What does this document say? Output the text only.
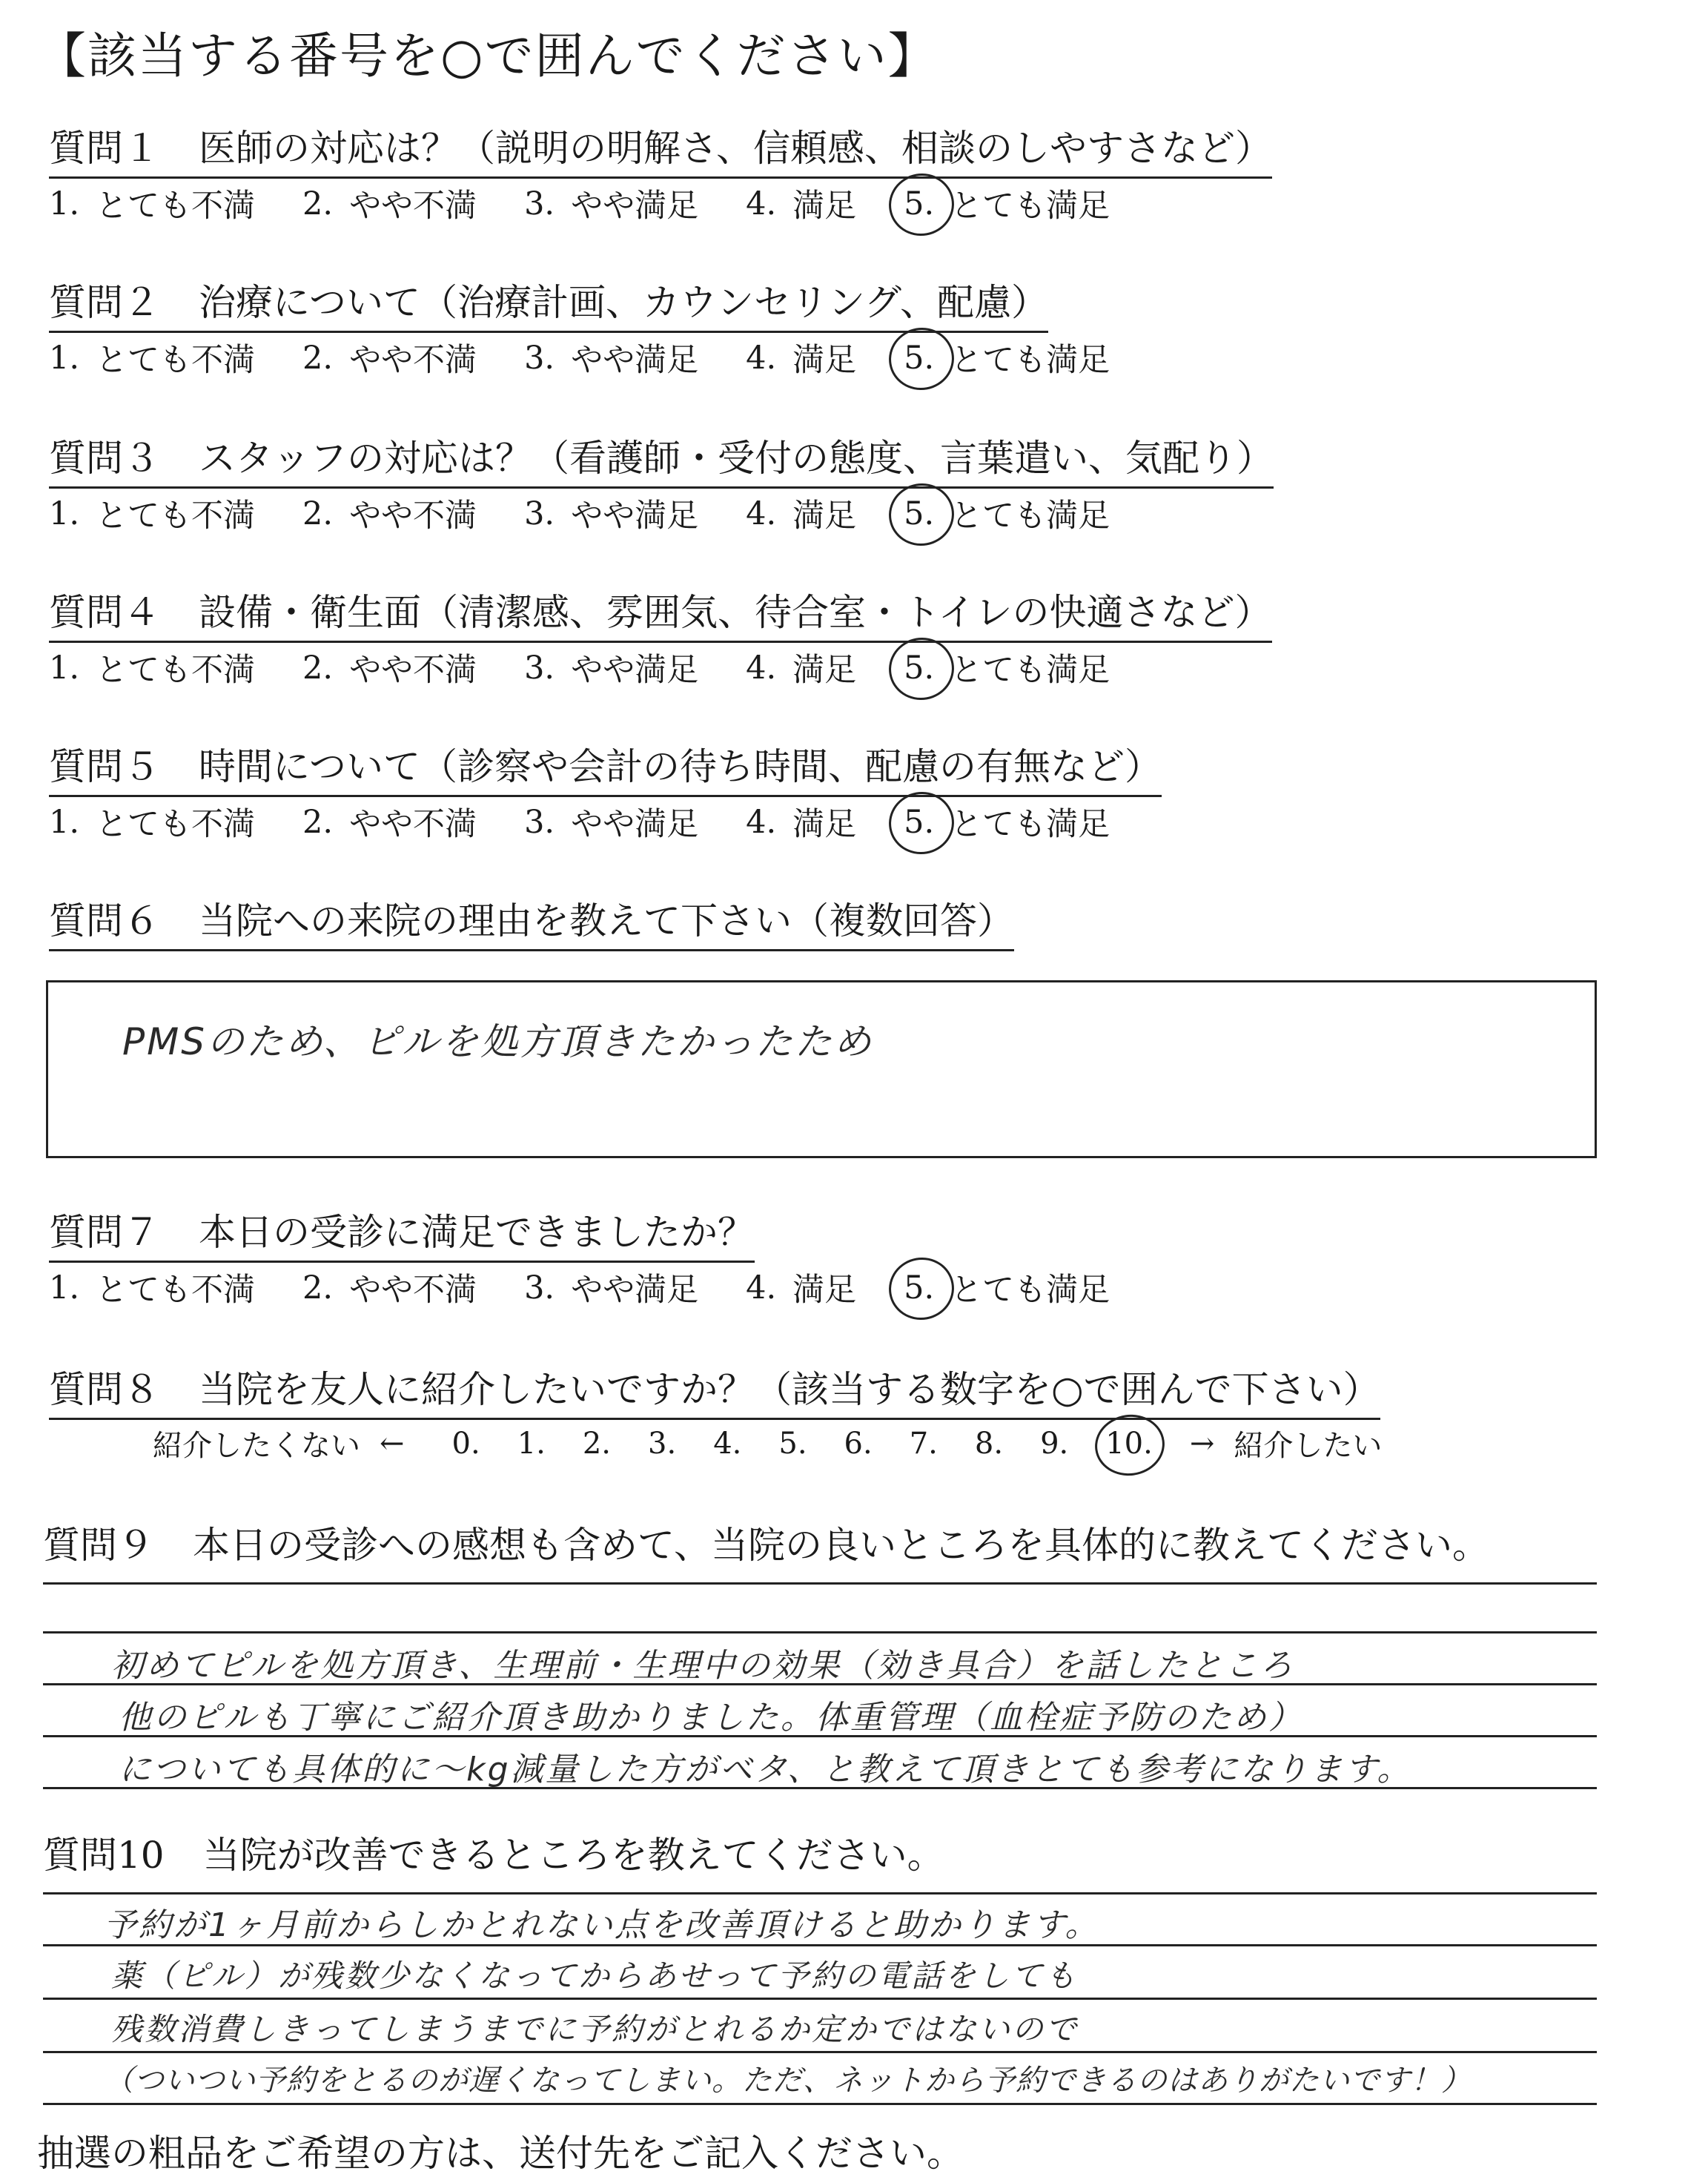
【該当する番号を○で囲んでください】
質問１ 医師の対応は？（説明の明解さ、信頼感、相談のしやすさなど）
1. とても不満 2. やや不満 3. やや満足 4. 満足 5. とても満足
質問２ 治療について（治療計画、カウンセリング、配慮）
1. とても不満 2. やや不満 3. やや満足 4. 満足 5. とても満足
質問３ スタッフの対応は？（看護師・受付の態度、言葉遣い、気配り）
1. とても不満 2. やや不満 3. やや満足 4. 満足 5. とても満足
質問４ 設備・衛生面（清潔感、雰囲気、待合室・トイレの快適さなど）
1. とても不満 2. やや不満 3. やや満足 4. 満足 5. とても満足
質問５ 時間について（診察や会計の待ち時間、配慮の有無など）
1. とても不満 2. やや不満 3. やや満足 4. 満足 5. とても満足
質問６ 当院への来院の理由を教えて下さい（複数回答）
PMSのため、ピルを処方頂きたかったため
質問７ 本日の受診に満足できましたか？
1. とても不満 2. やや不満 3. やや満足 4. 満足 5. とても満足
質問８ 当院を友人に紹介したいですか？（該当する数字を○で囲んで下さい）
紹介したくない ← 0. 1. 2. 3. 4. 5. 6. 7. 8. 9. 10. → 紹介したい
質問９ 本日の受診への感想も含めて、当院の良いところを具体的に教えてください。
初めてピルを処方頂き、生理前・生理中の効果（効き具合）を話したところ
他のピルも丁寧にご紹介頂き助かりました。体重管理（血栓症予防のため）
についても具体的に〜kg減量した方がベタ、と教えて頂きとても参考になります。
質問10 当院が改善できるところを教えてください。
予約が1ヶ月前からしかとれない点を改善頂けると助かります。
薬（ピル）が残数少なくなってからあせって予約の電話をしても
残数消費しきってしまうまでに予約がとれるか定かではないので
（ついつい予約をとるのが遅くなってしまい。ただ、ネットから予約できるのはありがたいです！）
抽選の粗品をご希望の方は、送付先をご記入ください。
